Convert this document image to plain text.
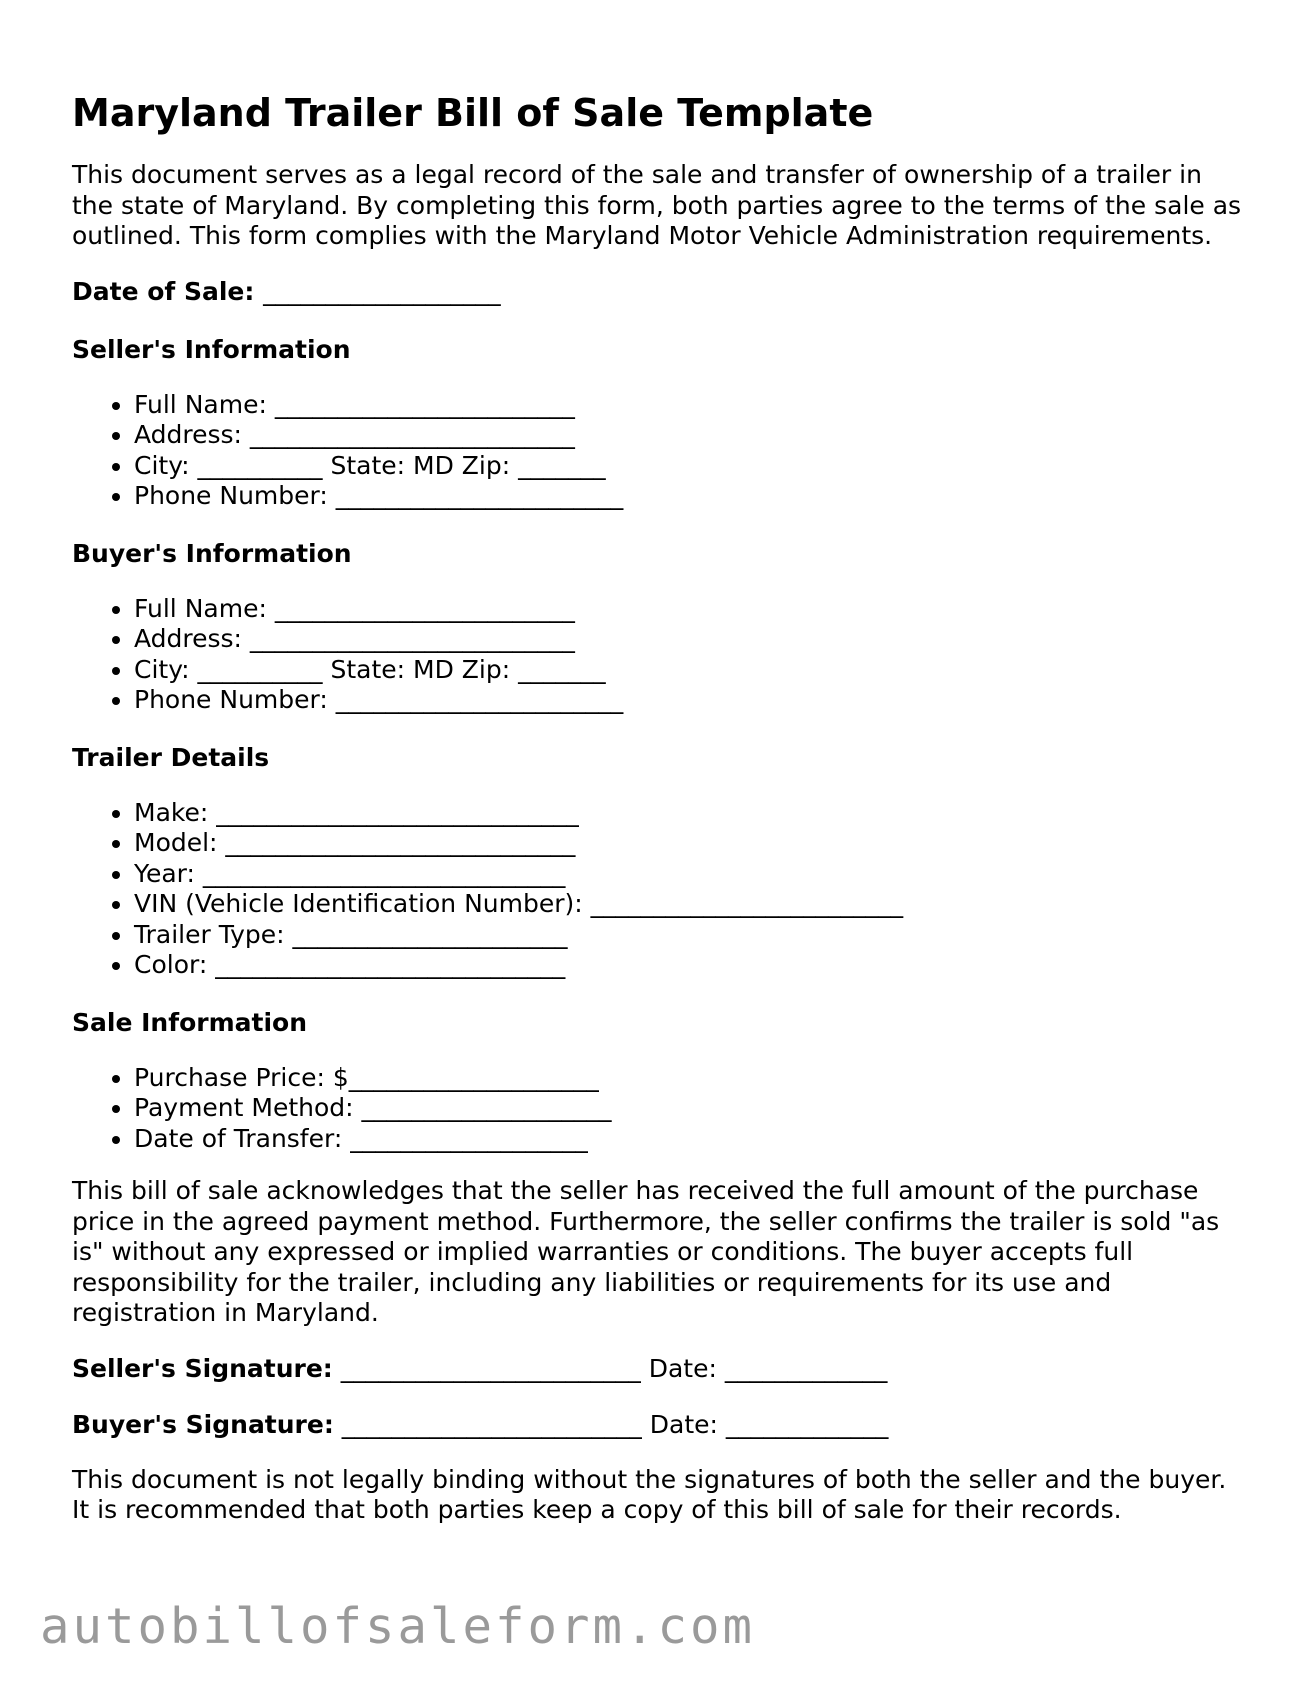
Maryland Trailer Bill of Sale Template

This document serves as a legal record of the sale and transfer of ownership of a trailer in the state of Maryland. By completing this form, both parties agree to the terms of the sale as outlined. This form complies with the Maryland Motor Vehicle Administration requirements.

Date of Sale: ___________________
Seller's Information
• Full Name: ________________________
• Address: __________________________
• City: __________ State: MD Zip: _______
• Phone Number: _______________________
Buyer's Information
• Full Name: ________________________
• Address: __________________________
• City: __________ State: MD Zip: _______
• Phone Number: _______________________
Trailer Details
• Make: _____________________________
• Model: ____________________________
• Year: _____________________________
• VIN (Vehicle Identification Number): _________________________
• Trailer Type: ______________________
• Color: ____________________________
Sale Information
• Purchase Price: $____________________
• Payment Method: ____________________
• Date of Transfer: ___________________

This bill of sale acknowledges that the seller has received the full amount of the purchase price in the agreed payment method. Furthermore, the seller confirms the trailer is sold "as is" without any expressed or implied warranties or conditions. The buyer accepts full responsibility for the trailer, including any liabilities or requirements for its use and registration in Maryland.

Seller's Signature: ________________________ Date: _____________
Buyer's Signature: ________________________ Date: _____________

This document is not legally binding without the signatures of both the seller and the buyer. It is recommended that both parties keep a copy of this bill of sale for their records.

autobillofsaleform.com
